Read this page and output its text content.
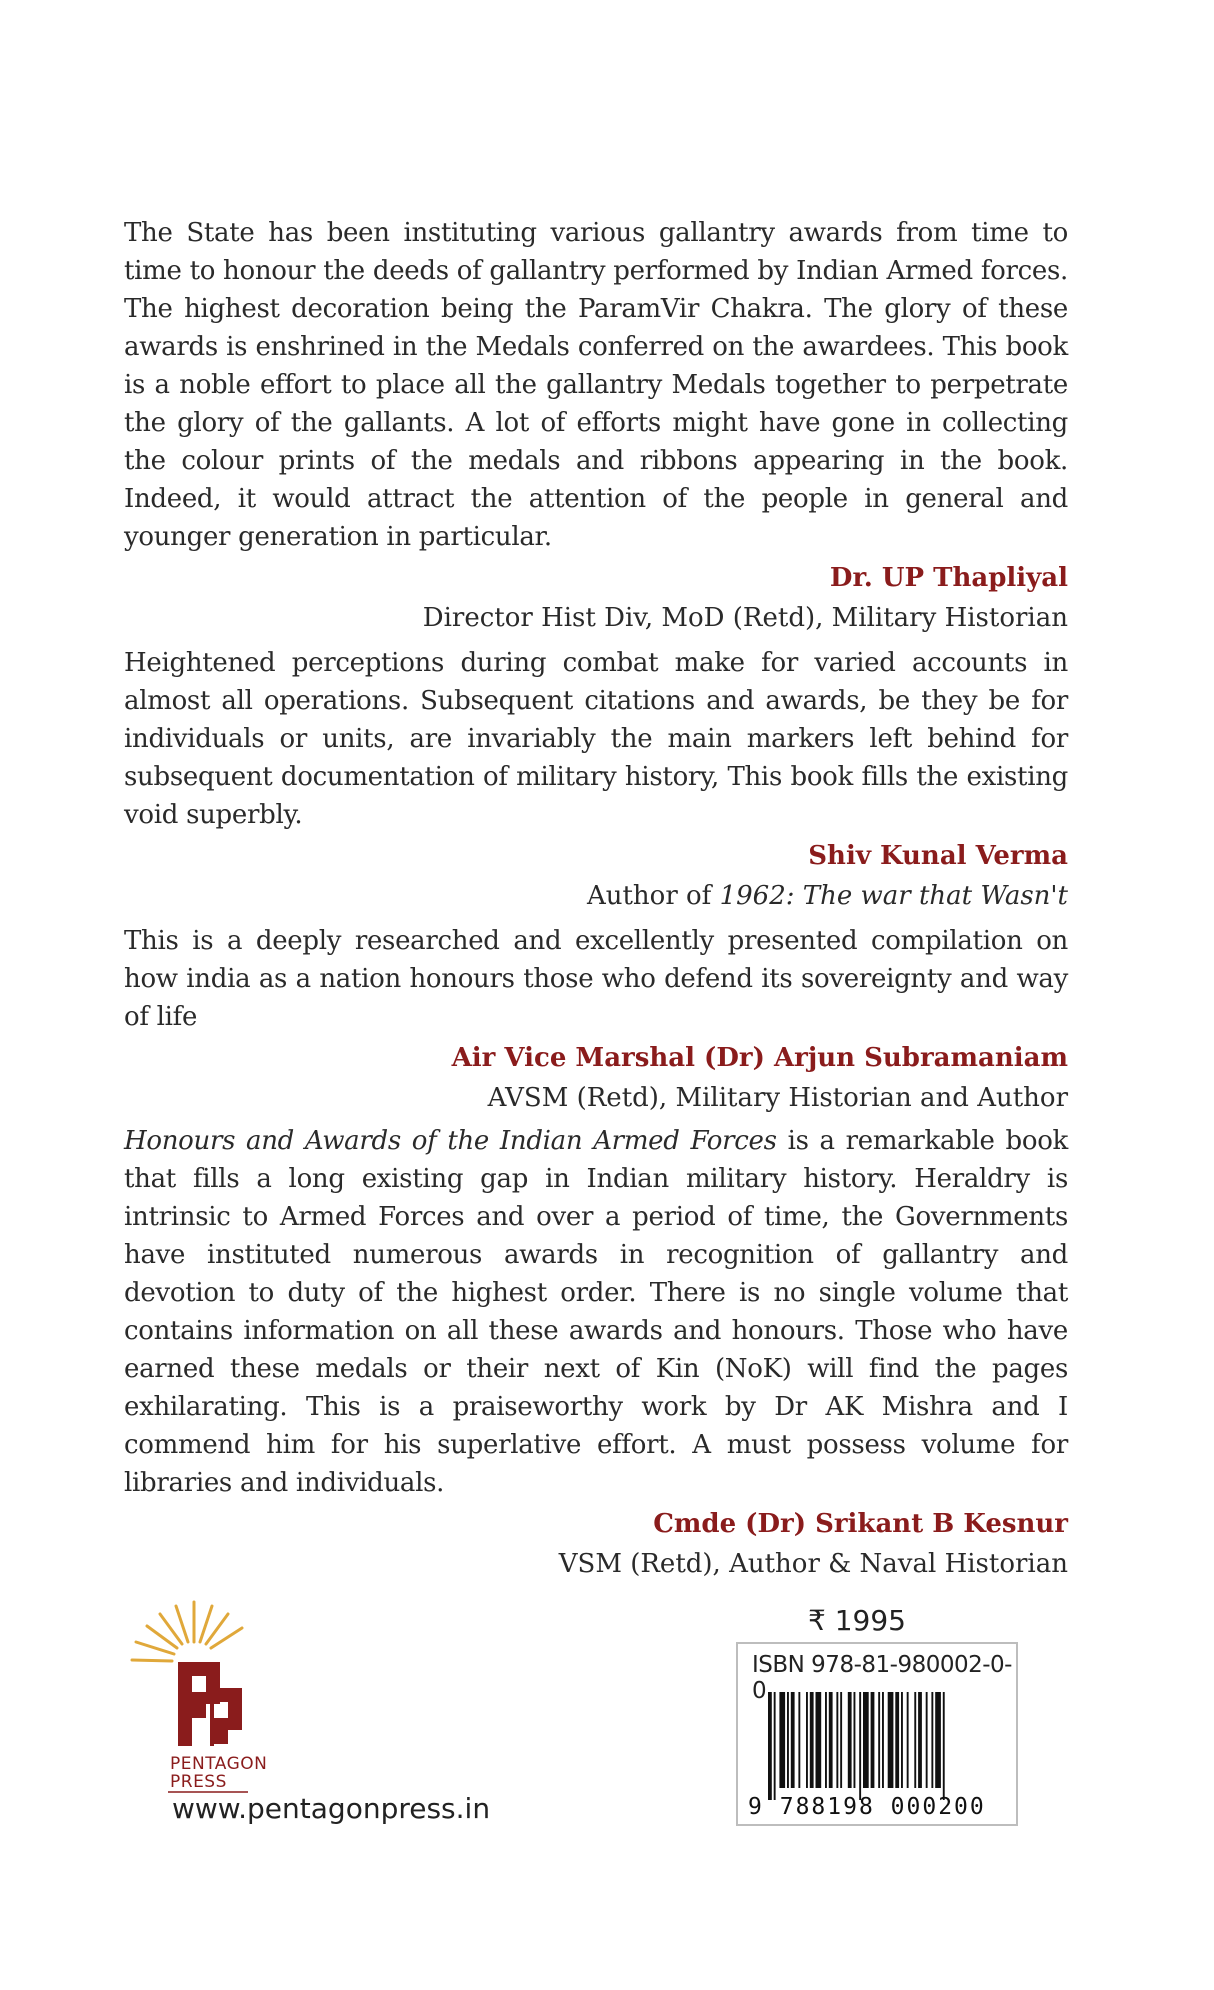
The State has been instituting various gallantry awards from time to time to honour the deeds of gallantry performed by Indian Armed forces. The highest decoration being the ParamVir Chakra. The glory of these awards is enshrined in the Medals conferred on the awardees. This book is a noble effort to place all the gallantry Medals together to perpetrate the glory of the gallants. A lot of efforts might have gone in collecting the colour prints of the medals and ribbons appearing in the book. Indeed, it would attract the attention of the people in general and younger generation in particular.

Dr. UP Thapliyal

Director Hist Div, MoD (Retd), Military Historian

Heightened perceptions during combat make for varied accounts in almost all operations. Subsequent citations and awards, be they be for individuals or units, are invariably the main markers left behind for subsequent documentation of military history, This book fills the existing void superbly.

Shiv Kunal Verma

Author of 1962: The war that Wasn't

This is a deeply researched and excellently presented compilation on how india as a nation honours those who defend its sovereignty and way of life

Air Vice Marshal (Dr) Arjun Subramaniam

AVSM (Retd), Military Historian and Author

Honours and Awards of the Indian Armed Forces is a remarkable book that fills a long existing gap in Indian military history. Heraldry is intrinsic to Armed Forces and over a period of time, the Governments have instituted numerous awards in recognition of gallantry and devotion to duty of the highest order. There is no single volume that contains information on all these awards and honours. Those who have earned these medals or their next of Kin (NoK) will find the pages exhilarating. This is a praiseworthy work by Dr AK Mishra and I commend him for his superlative effort. A must possess volume for libraries and individuals.

Cmde (Dr) Srikant B Kesnur

VSM (Retd), Author & Naval Historian

PENTAGON
PRESS
www.pentagonpress.in
₹ 1995
ISBN 978-81-980002-0-0
9 788198 000200
